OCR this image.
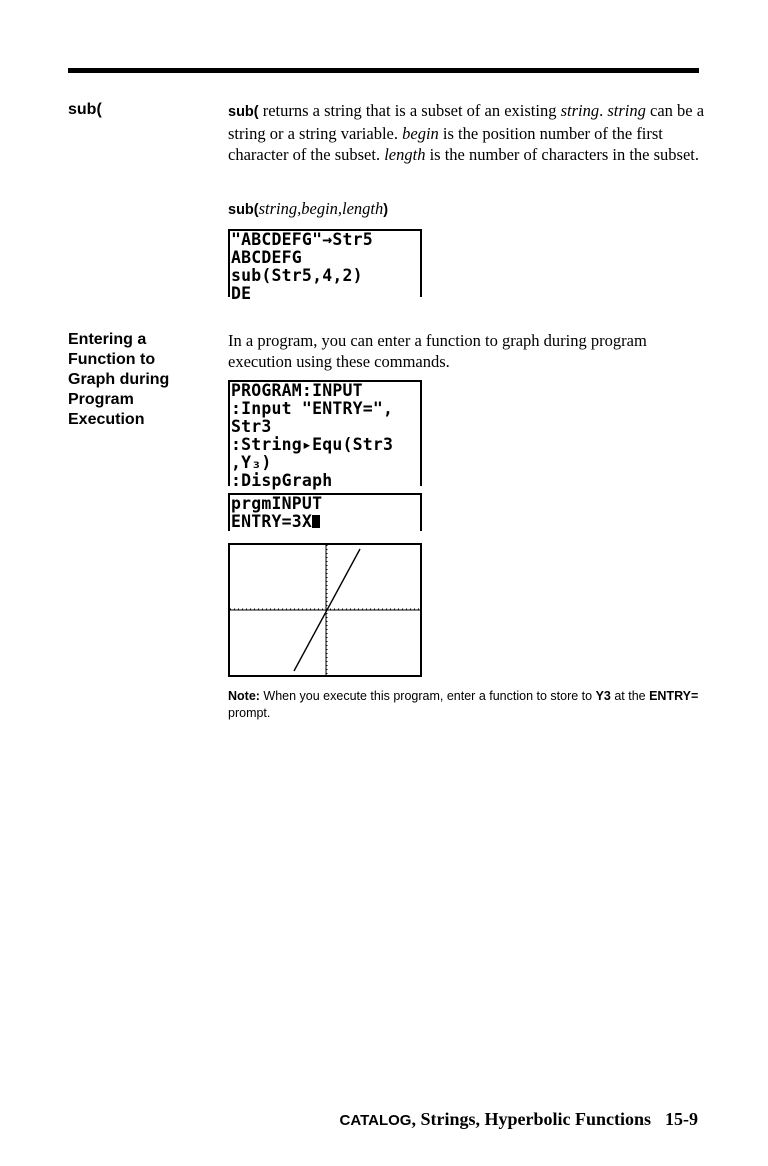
sub(	sub( returns a string that is a subset of an existing string. string can be a string or a string variable. begin is the position number of the first character of the subset. length is the number of characters in the subset.
sub(string,begin,length)
"ABCDEFG"→Str5
ABCDEFG
sub(Str5,4,2)
DE
Entering a
Function to
Graph during
Program
Execution
In a program, you can enter a function to graph during program execution using these commands.
PROGRAM:INPUT
:Input "ENTRY=",
Str3
:String▸Equ(Str3
,Y₃)
:DispGraph
prgmINPUT
ENTRY=3X
Note: When you execute this program, enter a function to store to Y3 at the ENTRY= prompt.
CATALOG, Strings, Hyperbolic Functions 15-9
